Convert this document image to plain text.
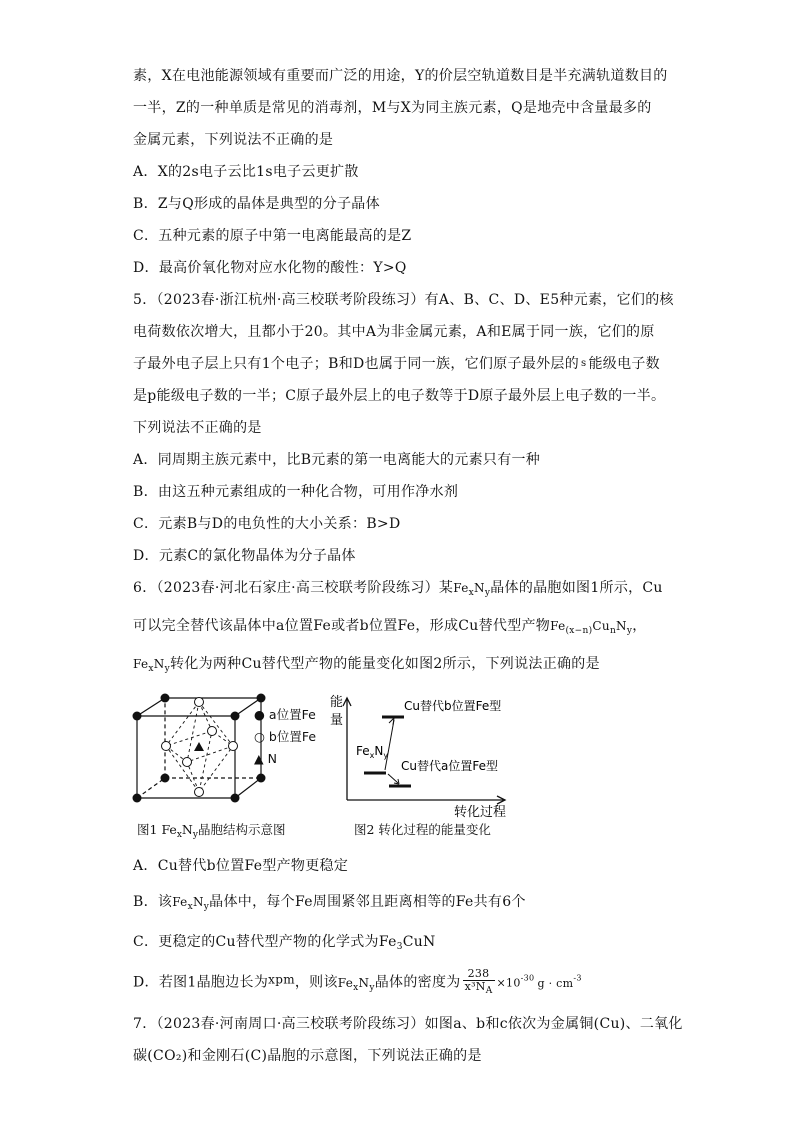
素，X在电池能源领域有重要而广泛的用途，Y的价层空轨道数目是半充满轨道数目的
一半，Z的一种单质是常见的消毒剂，M与X为同主族元素，Q是地壳中含量最多的
金属元素，下列说法不正确的是
A．X的2s电子云比1s电子云更扩散
B．Z与Q形成的晶体是典型的分子晶体
C．五种元素的原子中第一电离能最高的是Z
D．最高价氧化物对应水化物的酸性：Y>Q
5．（2023春·浙江杭州·高三校联考阶段练习）有A、B、C、D、E5种元素，它们的核
电荷数依次增大，且都小于20。其中A为非金属元素，A和E属于同一族，它们的原
子最外电子层上只有1个电子；B和D也属于同一族，它们原子最外层的 s 能级电子数
是p能级电子数的一半；C原子最外层上的电子数等于D原子最外层上电子数的一半。
下列说法不正确的是
A．同周期主族元素中，比B元素的第一电离能大的元素只有一种
B．由这五种元素组成的一种化合物，可用作净水剂
C．元素B与D的电负性的大小关系：B>D
D．元素C的氯化物晶体为分子晶体
6．（2023春·河北石家庄·高三校联考阶段练习）某$Fe_xN_y$晶体的晶胞如图1所示，Cu
可以完全替代该晶体中a位置Fe或者b位置Fe，形成Cu替代型产物$Fe_{(x-n)}Cu_nN_y$，
$Fe_xN_y$转化为两种Cu替代型产物的能量变化如图2所示，下列说法正确的是
● a位置Fe
○ b位置Fe
▲ N
图1 $Fe_xN_y$晶胞结构示意图
能
量
Cu替代b位置Fe型
Cu替代a位置Fe型
$Fe_xN_y$
转化过程
图2 转化过程的能量变化
A．Cu替代b位置Fe型产物更稳定
B．该$Fe_xN_y$晶体中，每个Fe周围紧邻且距离相等的Fe共有6个
C．更稳定的Cu替代型产物的化学式为$Fe_3CuN$
D．若图1晶胞边长为xpm，则该$Fe_xN_y$晶体的密度为 $\frac{238}{x^3N_A} \times 10^{-30}$ $g \cdot cm^{-3}$
7．（2023春·河南周口·高三校联考阶段练习）如图a、b和c依次为金属铜(Cu)、二氧化
碳(CO₂)和金刚石(C)晶胞的示意图，下列说法正确的是
